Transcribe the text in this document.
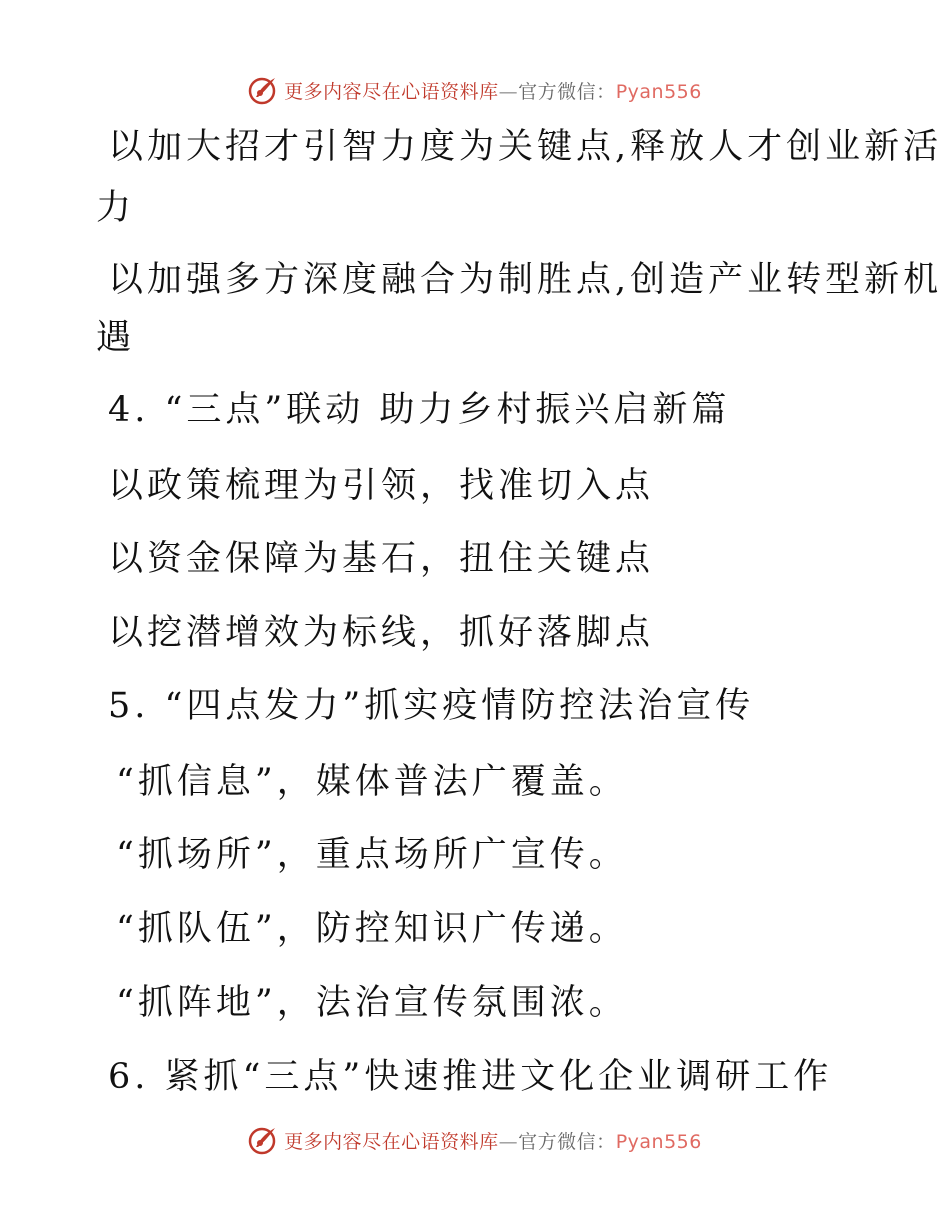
更多内容尽在心语资料库—官方微信：Pyan556
以加大招才引智力度为关键点,释放人才创业新活
力
以加强多方深度融合为制胜点,创造产业转型新机
遇
4. “三点”联动 助力乡村振兴启新篇
以政策梳理为引领，找准切入点
以资金保障为基石，扭住关键点
以挖潜增效为标线，抓好落脚点
5. “四点发力”抓实疫情防控法治宣传
“抓信息”，媒体普法广覆盖。
“抓场所”，重点场所广宣传。
“抓队伍”，防控知识广传递。
“抓阵地”，法治宣传氛围浓。
6. 紧抓“三点”快速推进文化企业调研工作
更多内容尽在心语资料库—官方微信：Pyan556
